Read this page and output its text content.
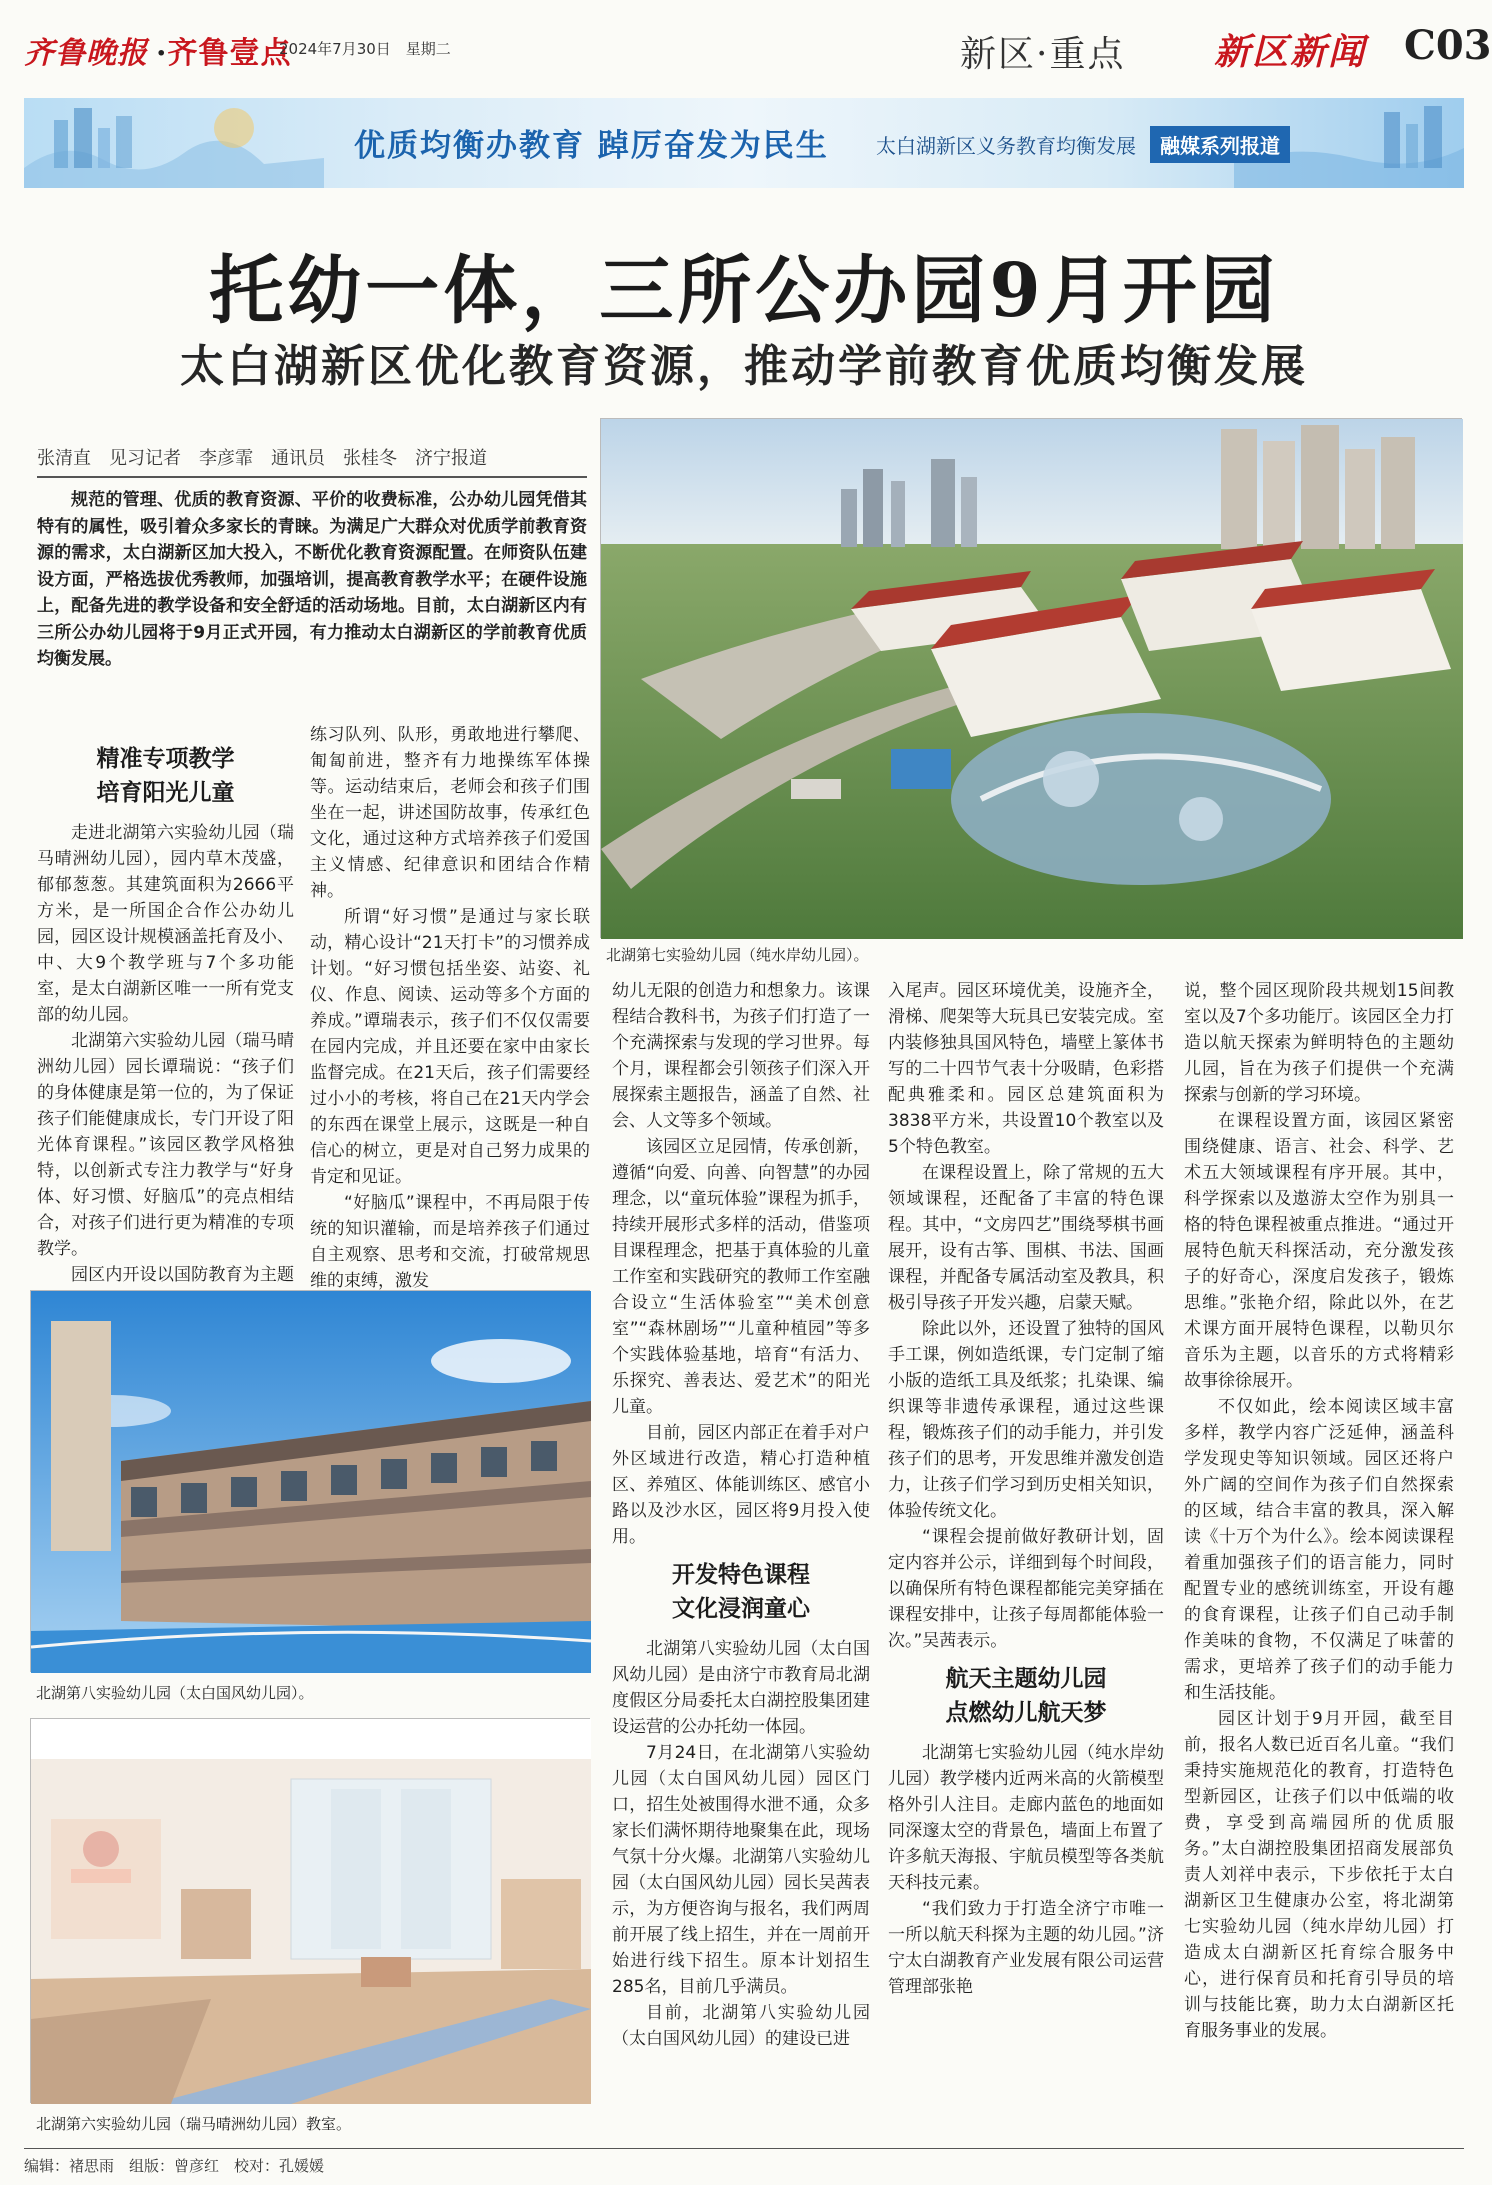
齐鲁晚报 ·齐鲁壹点
2024年7月30日　星期二	新区·重点 新区新闻 C03
优质均衡办教育 踔厉奋发为民生 太白湖新区义务教育均衡发展	融媒系列报道
托幼一体，三所公办园9月开园
太白湖新区优化教育资源，推动学前教育优质均衡发展
张清直　见习记者　李彦霏　通讯员　张桂冬　济宁报道

规范的管理、优质的教育资源、平价的收费标准，公办幼儿园凭借其特有的属性，吸引着众多家长的青睐。为满足广大群众对优质学前教育资源的需求，太白湖新区加大投入，不断优化教育资源配置。在师资队伍建设方面，严格选拔优秀教师，加强培训，提高教育教学水平；在硬件设施上，配备先进的教学设备和安全舒适的活动场地。目前，太白湖新区内有三所公办幼儿园将于9月正式开园，有力推动太白湖新区的学前教育优质均衡发展。

北湖第七实验幼儿园（纯水岸幼儿园）。
精准专项教学
培育阳光儿童

走进北湖第六实验幼儿园（瑞马晴洲幼儿园），园内草木茂盛，郁郁葱葱。其建筑面积为2666平方米，是一所国企合作公办幼儿园，园区设计规模涵盖托育及小、中、大9个教学班与7个多功能室，是太白湖新区唯一一所有党支部的幼儿园。

北湖第六实验幼儿园（瑞马晴洲幼儿园）园长谭瑞说：“孩子们的身体健康是第一位的，为了保证孩子们能健康成长，专门开设了阳光体育课程。”该园区教学风格独特，以创新式专注力教学与“好身体、好习惯、好脑瓜”的亮点相结合，对孩子们进行更为精准的专项教学。

园区内开设以国防教育为主题

练习队列、队形，勇敢地进行攀爬、匍匐前进，整齐有力地操练军体操等。运动结束后，老师会和孩子们围坐在一起，讲述国防故事，传承红色文化，通过这种方式培养孩子们爱国主义情感、纪律意识和团结合作精神。

所谓“好习惯”是通过与家长联动，精心设计“21天打卡”的习惯养成计划。“好习惯包括坐姿、站姿、礼仪、作息、阅读、运动等多个方面的养成。”谭瑞表示，孩子们不仅仅需要在园内完成，并且还要在家中由家长监督完成。在21天后，孩子们需要经过小小的考核，将自己在21天内学会的东西在课堂上展示，这既是一种自信心的树立，更是对自己努力成果的肯定和见证。

“好脑瓜”课程中，不再局限于传统的知识灌输，而是培养孩子们通过自主观察、思考和交流，打破常规思维的束缚，激发

北湖第八实验幼儿园（太白国风幼儿园）。
北湖第六实验幼儿园（瑞马晴洲幼儿园）教室。

幼儿无限的创造力和想象力。该课程结合教科书，为孩子们打造了一个充满探索与发现的学习世界。每个月，课程都会引领孩子们深入开展探索主题报告，涵盖了自然、社会、人文等多个领域。

该园区立足园情，传承创新，遵循“向爱、向善、向智慧”的办园理念，以“童玩体验”课程为抓手，持续开展形式多样的活动，借鉴项目课程理念，把基于真体验的儿童工作室和实践研究的教师工作室融合设立“生活体验室”“美术创意室”“森林剧场”“儿童种植园”等多个实践体验基地，培育“有活力、乐探究、善表达、爱艺术”的阳光儿童。

目前，园区内部正在着手对户外区域进行改造，精心打造种植区、养殖区、体能训练区、感官小路以及沙水区，园区将9月投入使用。

开发特色课程
文化浸润童心

北湖第八实验幼儿园（太白国风幼儿园）是由济宁市教育局北湖度假区分局委托太白湖控股集团建设运营的公办托幼一体园。

7月24日，在北湖第八实验幼儿园（太白国风幼儿园）园区门口，招生处被围得水泄不通，众多家长们满怀期待地聚集在此，现场气氛十分火爆。北湖第八实验幼儿园（太白国风幼儿园）园长吴茜表示，为方便咨询与报名，我们两周前开展了线上招生，并在一周前开始进行线下招生。原本计划招生285名，目前几乎满员。

目前，北湖第八实验幼儿园（太白国风幼儿园）的建设已进

入尾声。园区环境优美，设施齐全，滑梯、爬架等大玩具已安装完成。室内装修独具国风特色，墙壁上篆体书写的二十四节气表十分吸睛，色彩搭配典雅柔和。园区总建筑面积为3838平方米，共设置10个教室以及5个特色教室。

在课程设置上，除了常规的五大领域课程，还配备了丰富的特色课程。其中，“文房四艺”围绕琴棋书画展开，设有古筝、围棋、书法、国画课程，并配备专属活动室及教具，积极引导孩子开发兴趣，启蒙天赋。

除此以外，还设置了独特的国风手工课，例如造纸课，专门定制了缩小版的造纸工具及纸浆；扎染课、编织课等非遗传承课程，通过这些课程，锻炼孩子们的动手能力，并引发孩子们的思考，开发思维并激发创造力，让孩子们学习到历史相关知识，体验传统文化。

“课程会提前做好教研计划，固定内容并公示，详细到每个时间段，以确保所有特色课程都能完美穿插在课程安排中，让孩子每周都能体验一次。”吴茜表示。

航天主题幼儿园
点燃幼儿航天梦

北湖第七实验幼儿园（纯水岸幼儿园）教学楼内近两米高的火箭模型格外引人注目。走廊内蓝色的地面如同深邃太空的背景色，墙面上布置了许多航天海报、宇航员模型等各类航天科技元素。

“我们致力于打造全济宁市唯一一所以航天科探为主题的幼儿园。”济宁太白湖教育产业发展有限公司运营管理部张艳

说，整个园区现阶段共规划15间教室以及7个多功能厅。该园区全力打造以航天探索为鲜明特色的主题幼儿园，旨在为孩子们提供一个充满探索与创新的学习环境。

在课程设置方面，该园区紧密围绕健康、语言、社会、科学、艺术五大领域课程有序开展。其中，科学探索以及遨游太空作为别具一格的特色课程被重点推进。“通过开展特色航天科探活动，充分激发孩子的好奇心，深度启发孩子，锻炼思维。”张艳介绍，除此以外，在艺术课方面开展特色课程，以勒贝尔音乐为主题，以音乐的方式将精彩故事徐徐展开。

不仅如此，绘本阅读区域丰富多样，教学内容广泛延伸，涵盖科学发现史等知识领域。园区还将户外广阔的空间作为孩子们自然探索的区域，结合丰富的教具，深入解读《十万个为什么》。绘本阅读课程着重加强孩子们的语言能力，同时配置专业的感统训练室，开设有趣的食育课程，让孩子们自己动手制作美味的食物，不仅满足了味蕾的需求，更培养了孩子们的动手能力和生活技能。

园区计划于9月开园，截至目前，报名人数已近百名儿童。“我们秉持实施规范化的教育，打造特色型新园区，让孩子们以中低端的收费，享受到高端园所的优质服务。”太白湖控股集团招商发展部负责人刘祥中表示，下步依托于太白湖新区卫生健康办公室，将北湖第七实验幼儿园（纯水岸幼儿园）打造成太白湖新区托育综合服务中心，进行保育员和托育引导员的培训与技能比赛，助力太白湖新区托育服务事业的发展。

编辑：褚思雨　组版：曾彦红　校对：孔媛媛
